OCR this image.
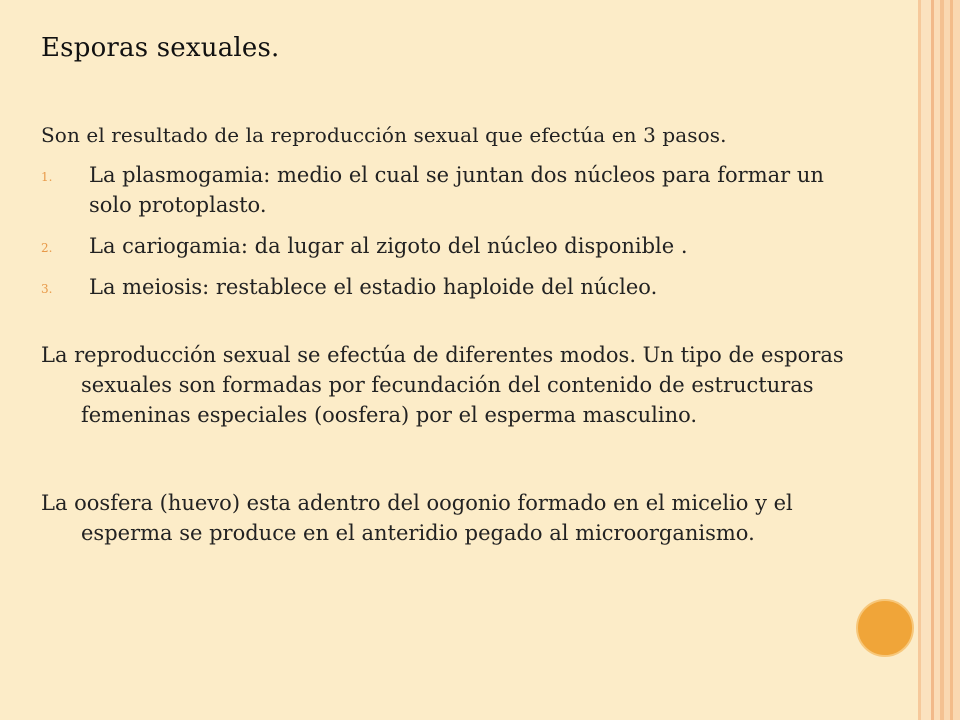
Esporas sexuales.

Son el resultado de la reproducción sexual que efectúa en 3 pasos.

1. La plasmogamia: medio el cual se juntan dos núcleos para formar un solo protoplasto.
2. La cariogamia: da lugar al zigoto del núcleo disponible .
3. La meiosis: restablece el estadio haploide del núcleo.

La reproducción sexual se efectúa de diferentes modos. Un tipo de esporas sexuales son formadas por fecundación del contenido de estructuras femeninas especiales (oosfera) por el esperma masculino.

La oosfera (huevo) esta adentro del oogonio formado en el micelio y el esperma se produce en el anteridio pegado al microorganismo.
